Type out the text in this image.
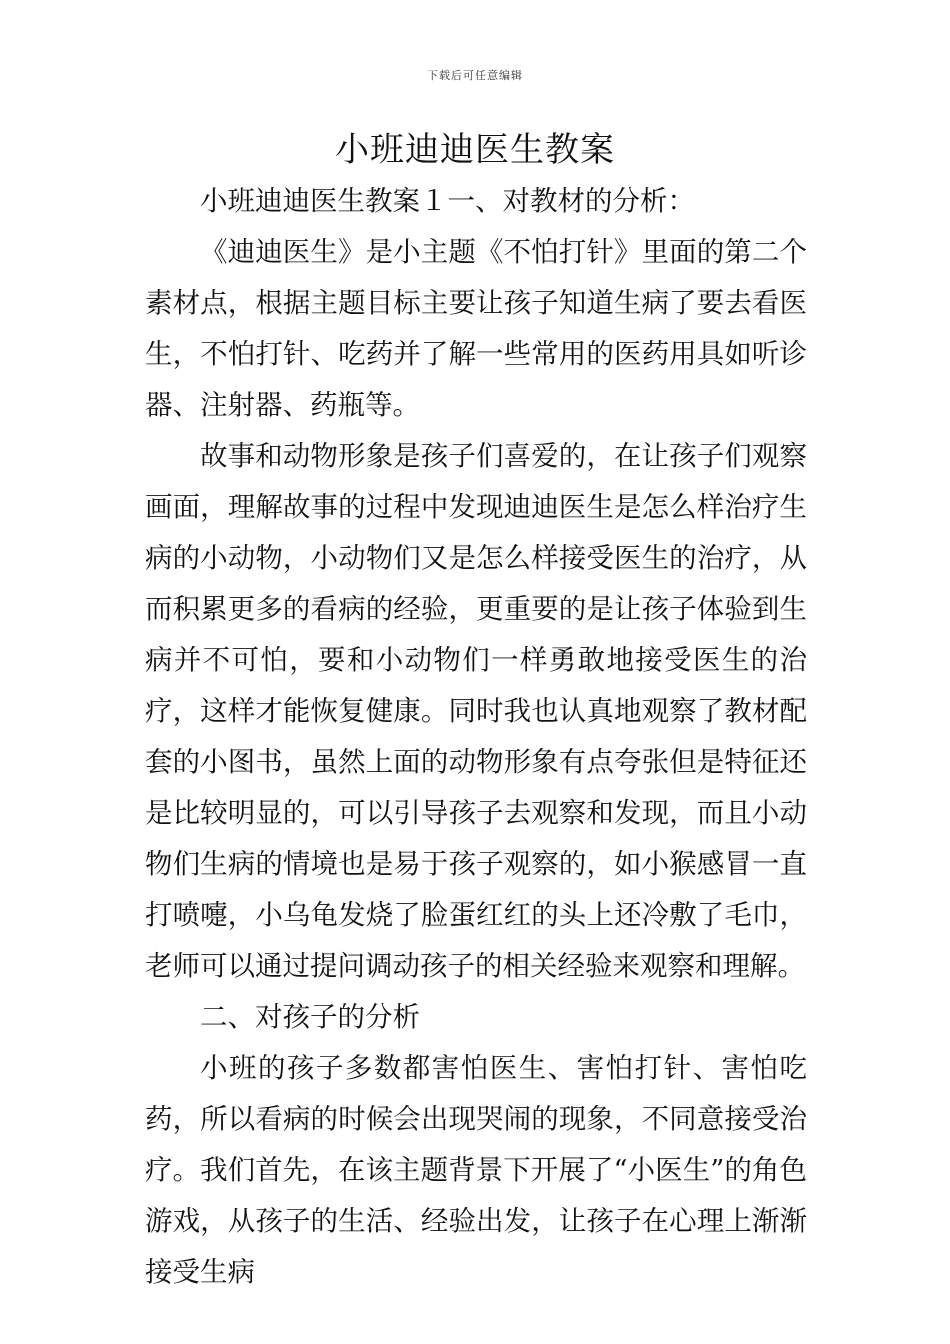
下载后可任意编辑
小班迪迪医生教案

小班迪迪医生教案１一、对教材的分析：

《迪迪医生》是小主题《不怕打针》里面的第二个素材点，根据主题目标主要让孩子知道生病了要去看医生，不怕打针、吃药并了解一些常用的医药用具如听诊器、注射器、药瓶等。

故事和动物形象是孩子们喜爱的，在让孩子们观察画面，理解故事的过程中发现迪迪医生是怎么样治疗生病的小动物，小动物们又是怎么样接受医生的治疗，从而积累更多的看病的经验，更重要的是让孩子体验到生病并不可怕，要和小动物们一样勇敢地接受医生的治疗，这样才能恢复健康。同时我也认真地观察了教材配套的小图书，虽然上面的动物形象有点夸张但是特征还是比较明显的，可以引导孩子去观察和发现，而且小动物们生病的情境也是易于孩子观察的，如小猴感冒一直打喷嚏，小乌龟发烧了脸蛋红红的头上还冷敷了毛巾，老师可以通过提问调动孩子的相关经验来观察和理解。

二、对孩子的分析

小班的孩子多数都害怕医生、害怕打针、害怕吃药，所以看病的时候会出现哭闹的现象，不同意接受治疗。我们首先，在该主题背景下开展了“小医生”的角色游戏，从孩子的生活、经验出发，让孩子在心理上渐渐接受生病
